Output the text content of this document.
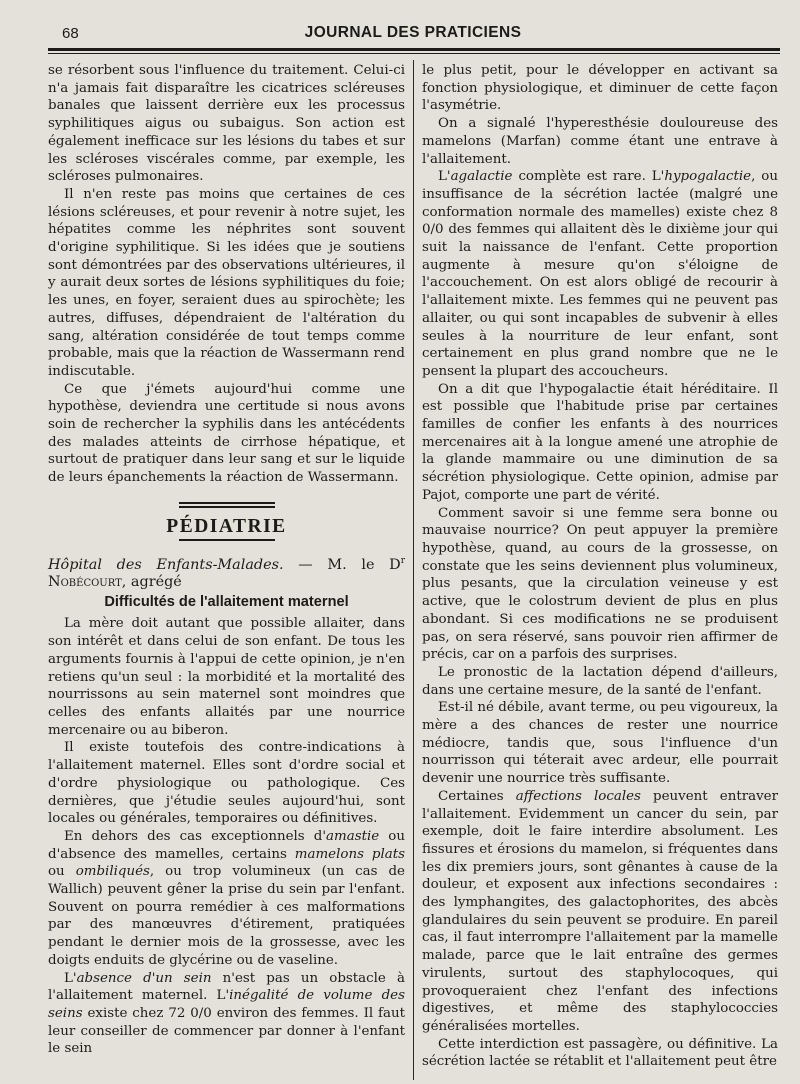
68	JOURNAL DES PRATICIENS

se résorbent sous l'influence du traitement. Celui-ci n'a jamais fait disparaître les cicatrices scléreuses banales que laissent derrière eux les processus syphilitiques aigus ou subaigus. Son action est également inefficace sur les lésions du tabes et sur les scléroses viscérales comme, par exemple, les scléroses pulmonaires.

Il n'en reste pas moins que certaines de ces lésions scléreuses, et pour revenir à notre sujet, les hépatites comme les néphrites sont souvent d'origine syphilitique. Si les idées que je soutiens sont démontrées par des observations ultérieures, il y aurait deux sortes de lésions syphilitiques du foie; les unes, en foyer, seraient dues au spirochète; les autres, diffuses, dépendraient de l'altération du sang, altération considérée de tout temps comme probable, mais que la réaction de Wassermann rend indiscutable.

Ce que j'émets aujourd'hui comme une hypothèse, deviendra une certitude si nous avons soin de rechercher la syphilis dans les antécédents des malades atteints de cirrhose hépatique, et surtout de pratiquer dans leur sang et sur le liquide de leurs épanchements la réaction de Wassermann.

PÉDIATRIE

Hôpital des Enfants-Malades. — M. le $D^r$ Nobécourt, agrégé

Difficultés de l'allaitement maternel

La mère doit autant que possible allaiter, dans son intérêt et dans celui de son enfant. De tous les arguments fournis à l'appui de cette opinion, je n'en retiens qu'un seul : la morbidité et la mortalité des nourrissons au sein maternel sont moindres que celles des enfants allaités par une nourrice mercenaire ou au biberon.

Il existe toutefois des contre-indications à l'allaitement maternel. Elles sont d'ordre social et d'ordre physiologique ou pathologique. Ces dernières, que j'étudie seules aujourd'hui, sont locales ou générales, temporaires ou définitives.

En dehors des cas exceptionnels d'amastie ou d'absence des mamelles, certains mamelons plats ou ombiliqués, ou trop volumineux (un cas de Wallich) peuvent gêner la prise du sein par l'enfant. Souvent on pourra remédier à ces malformations par des manœuvres d'étirement, pratiquées pendant le dernier mois de la grossesse, avec les doigts enduits de glycérine ou de vaseline.

L'absence d'un sein n'est pas un obstacle à l'allaitement maternel. L'inégalité de volume des seins existe chez 72 0/0 environ des femmes. Il faut leur conseiller de commencer par donner à l'enfant le sein

le plus petit, pour le développer en activant sa fonction physiologique, et diminuer de cette façon l'asymétrie.

On a signalé l'hyperesthésie douloureuse des mamelons (Marfan) comme étant une entrave à l'allaitement.

L'agalactie complète est rare. L'hypogalactie, ou insuffisance de la sécrétion lactée (malgré une conformation normale des mamelles) existe chez 8 0/0 des femmes qui allaitent dès le dixième jour qui suit la naissance de l'enfant. Cette proportion augmente à mesure qu'on s'éloigne de l'accouchement. On est alors obligé de recourir à l'allaitement mixte. Les femmes qui ne peuvent pas allaiter, ou qui sont incapables de subvenir à elles seules à la nourriture de leur enfant, sont certainement en plus grand nombre que ne le pensent la plupart des accoucheurs.

On a dit que l'hypogalactie était héréditaire. Il est possible que l'habitude prise par certaines familles de confier les enfants à des nourrices mercenaires ait à la longue amené une atrophie de la glande mammaire ou une diminution de sa sécrétion physiologique. Cette opinion, admise par Pajot, comporte une part de vérité.

Comment savoir si une femme sera bonne ou mauvaise nourrice? On peut appuyer la première hypothèse, quand, au cours de la grossesse, on constate que les seins deviennent plus volumineux, plus pesants, que la circulation veineuse y est active, que le colostrum devient de plus en plus abondant. Si ces modifications ne se produisent pas, on sera réservé, sans pouvoir rien affirmer de précis, car on a parfois des surprises.

Le pronostic de la lactation dépend d'ailleurs, dans une certaine mesure, de la santé de l'enfant.

Est-il né débile, avant terme, ou peu vigoureux, la mère a des chances de rester une nourrice médiocre, tandis que, sous l'influence d'un nourrisson qui téterait avec ardeur, elle pourrait devenir une nourrice très suffisante.

Certaines affections locales peuvent entraver l'allaitement. Evidemment un cancer du sein, par exemple, doit le faire interdire absolument. Les fissures et érosions du mamelon, si fréquentes dans les dix premiers jours, sont gênantes à cause de la douleur, et exposent aux infections secondaires : des lymphangites, des galactophorites, des abcès glandulaires du sein peuvent se produire. En pareil cas, il faut interrompre l'allaitement par la mamelle malade, parce que le lait entraîne des germes virulents, surtout des staphylocoques, qui provoqueraient chez l'enfant des infections digestives, et même des staphylococcies généralisées mortelles.

Cette interdiction est passagère, ou définitive. La sécrétion lactée se rétablit et l'allaitement peut être
